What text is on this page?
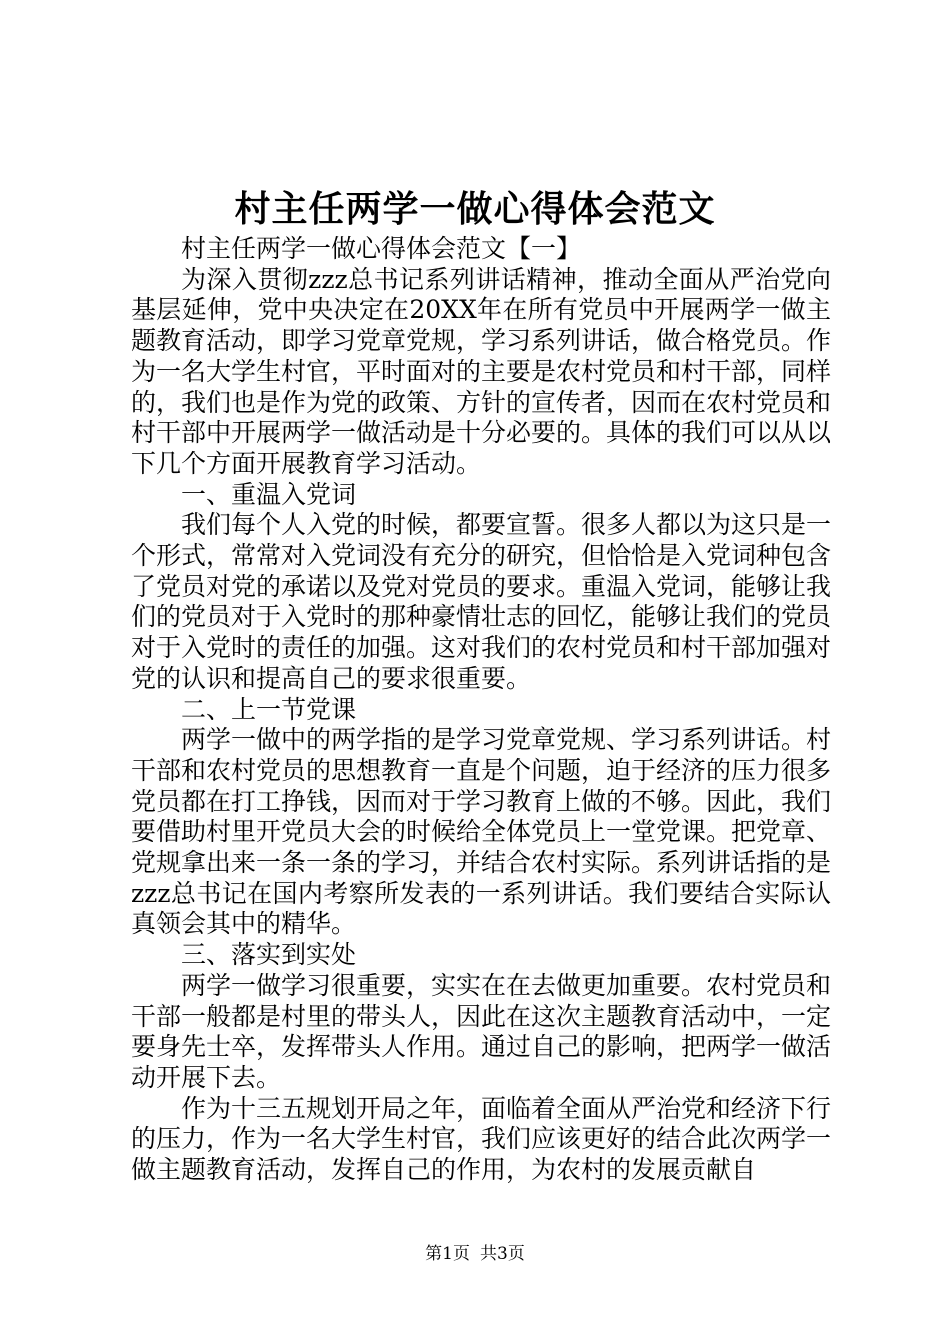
村主任两学一做心得体会范文

村主任两学一做心得体会范文【一】

为深入贯彻zzz总书记系列讲话精神，推动全面从严治党向基层延伸，党中央决定在20XX年在所有党员中开展两学一做主题教育活动，即学习党章党规，学习系列讲话，做合格党员。作为一名大学生村官，平时面对的主要是农村党员和村干部，同样的，我们也是作为党的政策、方针的宣传者，因而在农村党员和村干部中开展两学一做活动是十分必要的。具体的我们可以从以下几个方面开展教育学习活动。

一、重温入党词

我们每个人入党的时候，都要宣誓。很多人都以为这只是一个形式，常常对入党词没有充分的研究，但恰恰是入党词种包含了党员对党的承诺以及党对党员的要求。重温入党词，能够让我们的党员对于入党时的那种豪情壮志的回忆，能够让我们的党员对于入党时的责任的加强。这对我们的农村党员和村干部加强对党的认识和提高自己的要求很重要。

二、上一节党课

两学一做中的两学指的是学习党章党规、学习系列讲话。村干部和农村党员的思想教育一直是个问题，迫于经济的压力很多党员都在打工挣钱，因而对于学习教育上做的不够。因此，我们要借助村里开党员大会的时候给全体党员上一堂党课。把党章、党规拿出来一条一条的学习，并结合农村实际。系列讲话指的是zzz总书记在国内考察所发表的一系列讲话。我们要结合实际认真领会其中的精华。

三、落实到实处

两学一做学习很重要，实实在在去做更加重要。农村党员和干部一般都是村里的带头人，因此在这次主题教育活动中，一定要身先士卒，发挥带头人作用。通过自己的影响，把两学一做活动开展下去。

作为十三五规划开局之年，面临着全面从严治党和经济下行的压力，作为一名大学生村官，我们应该更好的结合此次两学一做主题教育活动，发挥自己的作用，为农村的发展贡献自

第1页 共3页
